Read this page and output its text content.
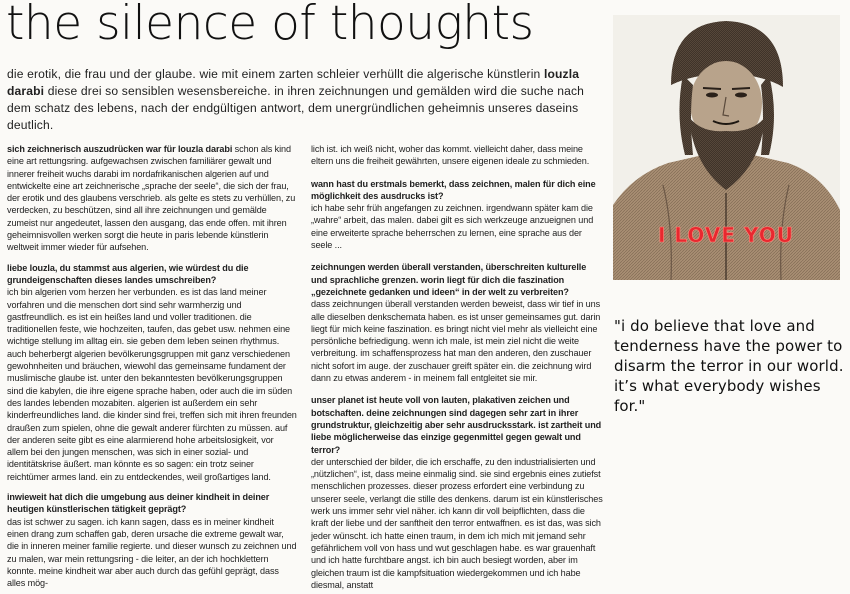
the silence of thoughts
die erotik, die frau und der glaube. wie mit einem zarten schleier verhüllt die algerische künstlerin louzla darabi diese drei so sensiblen wesensbereiche. in ihren zeichnungen und gemälden wird die suche nach dem schatz des lebens, nach der endgültigen antwort, dem unergründlichen geheimnis unseres daseins deutlich.

sich zeichnerisch auszudrücken war für louzla darabi schon als kind eine art rettungsring. aufgewachsen zwischen familiärer gewalt und innerer freiheit wuchs darabi im nordafrikanischen algerien auf und entwickelte eine art zeichnerische „sprache der seele“, die sich der frau, der erotik und des glaubens verschrieb. als gelte es stets zu verhüllen, zu verdecken, zu beschützen, sind all ihre zeichnungen und gemälde zumeist nur angedeutet, lassen den ausgang, das ende offen. mit ihren geheimnisvollen werken sorgt die heute in paris lebende künstlerin weltweit immer wieder für aufsehen.

liebe louzla, du stammst aus algerien, wie würdest du die grundeigenschaften dieses landes umschreiben?
ich bin algerien vom herzen her verbunden. es ist das land meiner vorfahren und die menschen dort sind sehr warmherzig und gastfreundlich. es ist ein heißes land und voller traditionen. die traditionellen feste, wie hochzeiten, taufen, das gebet usw. nehmen eine wichtige stellung im alltag ein. sie geben dem leben seinen rhythmus. auch beherbergt algerien bevölkerungsgruppen mit ganz verschiedenen gewohnheiten und bräuchen, wiewohl das gemeinsame fundament der muslimische glaube ist. unter den bekanntesten bevölkerungsgruppen sind die kabylen, die ihre eigene sprache haben, oder auch die im süden des landes lebenden mozabiten. algerien ist außerdem ein sehr kinderfreundliches land. die kinder sind frei, treffen sich mit ihren freunden draußen zum spielen, ohne die gewalt anderer fürchten zu müssen. auf der anderen seite gibt es eine alarmierend hohe arbeitslosigkeit, vor allem bei den jungen menschen, was sich in einer sozial- und identitätskrise äußert. man könnte es so sagen: ein trotz seiner reichtümer armes land. ein zu entdeckendes, weil großartiges land.

inwieweit hat dich die umgebung aus deiner kindheit in deiner heutigen künstlerischen tätigkeit geprägt?
das ist schwer zu sagen. ich kann sagen, dass es in meiner kindheit einen drang zum schaffen gab, deren ursache die extreme gewalt war, die in inneren meiner familie regierte. und dieser wunsch zu zeichnen und zu malen, war mein rettungsring - die leiter, an der ich hochklettern konnte. meine kindheit war aber auch durch das gefühl geprägt, dass alles mög-

lich ist. ich weiß nicht, woher das kommt. vielleicht daher, dass meine eltern uns die freiheit gewährten, unsere eigenen ideale zu schmieden.

wann hast du erstmals bemerkt, dass zeichnen, malen für dich eine möglichkeit des ausdrucks ist?
ich habe sehr früh angefangen zu zeichnen. irgendwann später kam die „wahre“ arbeit, das malen. dabei gilt es sich werkzeuge anzueignen und eine erweiterte sprache beherrschen zu lernen, eine sprache aus der seele ...

zeichnungen werden überall verstanden, überschreiten kulturelle und sprachliche grenzen. worin liegt für dich die faszination „gezeichnete gedanken und ideen“ in der welt zu verbreiten?
dass zeichnungen überall verstanden werden beweist, dass wir tief in uns alle dieselben denkschemata haben. es ist unser gemeinsames gut. darin liegt für mich keine faszination. es bringt nicht viel mehr als vielleicht eine persönliche befriedigung. wenn ich male, ist mein ziel nicht die weite verbreitung. im schaffensprozess hat man den anderen, den zuschauer nicht sofort im auge. der zuschauer greift später ein. die zeichnung wird dann zu etwas anderem - in meinem fall entgleitet sie mir.

unser planet ist heute voll von lauten, plakativen zeichen und botschaften. deine zeichnungen sind dagegen sehr zart in ihrer grundstruktur, gleichzeitig aber sehr ausdrucksstark. ist zartheit und liebe möglicherweise das einzige gegenmittel gegen gewalt und terror?
der unterschied der bilder, die ich erschaffe, zu den industrialisierten und „nützlichen“, ist, dass meine einmalig sind. sie sind ergebnis eines zutiefst menschlichen prozesses. dieser prozess erfordert eine verbindung zu unserer seele, verlangt die stille des denkens. darum ist ein künstlerisches werk uns immer sehr viel näher. ich kann dir voll beipflichten, dass die kraft der liebe und der sanftheit den terror entwaffnen. es ist das, was sich jeder wünscht. ich hatte einen traum, in dem ich mich mit jemand sehr gefährlichem voll von hass und wut geschlagen habe. es war grauenhaft und ich hatte furchtbare angst. ich bin auch besiegt worden, aber im gleichen traum ist die kampfsituation wiedergekommen und ich habe diesmal, anstatt

I LOVE YOU
"i do believe that love and tenderness have the power to disarm the terror in our world. it’s what everybody wishes for."
